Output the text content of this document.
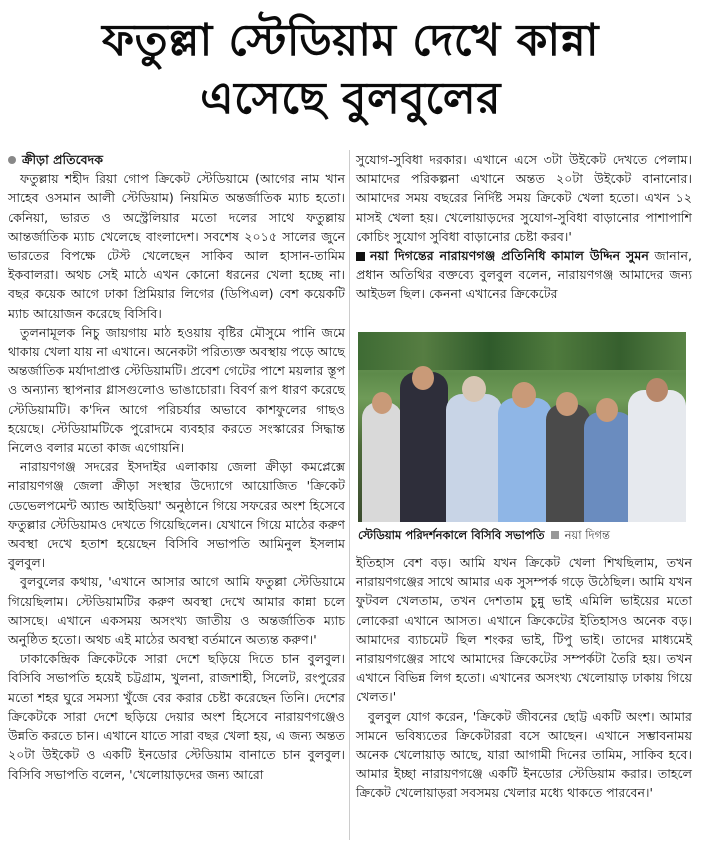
ফতুল্লা স্টেডিয়াম দেখে কান্না
এসেছে বুলবুলের
ক্রীড়া প্রতিবেদক

ফতুল্লায় শহীদ রিয়া গোপ ক্রিকেট স্টেডিয়ামে (আগের নাম খান সাহেব ওসমান আলী স্টেডিয়াম) নিয়মিত অন্তর্জাতিক ম্যাচ হতো। কেনিয়া, ভারত ও অস্ট্রেলিয়ার মতো দলের সাথে ফতুল্লায় আন্তর্জাতিক ম্যাচ খেলেছে বাংলাদেশ। সবশেষ ২০১৫ সালের জুনে ভারতের বিপক্ষে টেস্ট খেলেছেন সাকিব আল হাসান-তামিম ইকবালরা। অথচ সেই মাঠে এখন কোনো ধরনের খেলা হচ্ছে না। বছর কয়েক আগে ঢাকা প্রিমিয়ার লিগের (ডিপিএল) বেশ কয়েকটি ম্যাচ আয়োজন করেছে বিসিবি।

তুলনামূলক নিচু জায়গায় মাঠ হওয়ায় বৃষ্টির মৌসুমে পানি জমে থাকায় খেলা যায় না এখানে। অনেকটা পরিত্যক্ত অবস্থায় পড়ে আছে অন্তর্জাতিক মর্যাদাপ্রাপ্ত স্টেডিয়ামটি। প্রবেশ গেটের পাশে ময়লার স্তূপ ও অন্যান্য স্থাপনার গ্লাসগুলোও ভাঙাচোরা। বিবর্ণ রূপ ধারণ করেছে স্টেডিয়ামটি। ক'দিন আগে পরিচর্যার অভাবে কাশফুলের গাছও হয়েছে। স্টেডিয়ামটিকে পুরোদমে ব্যবহার করতে সংস্কারের সিদ্ধান্ত নিলেও বলার মতো কাজ এগোয়নি।

নারায়ণগঞ্জ সদরের ইসদাইর এলাকায় জেলা ক্রীড়া কমপ্লেক্সে নারায়ণগঞ্জ জেলা ক্রীড়া সংস্থার উদ্যোগে আয়োজিত 'ক্রিকেট ডেভেলপমেন্ট অ্যান্ড আইডিয়া' অনুষ্ঠানে গিয়ে সফরের অংশ হিসেবে ফতুল্লার স্টেডিয়ামও দেখতে গিয়েছিলেন। যেখানে গিয়ে মাঠের করুণ অবস্থা দেখে হতাশ হয়েছেন বিসিবি সভাপতি আমিনুল ইসলাম বুলবুল।

বুলবুলের কথায়, 'এখানে আসার আগে আমি ফতুল্লা স্টেডিয়ামে গিয়েছিলাম। স্টেডিয়ামটির করুণ অবস্থা দেখে আমার কান্না চলে আসছে। এখানে একসময় অসংখ্য জাতীয় ও অন্তর্জাতিক ম্যাচ অনুষ্ঠিত হতো। অথচ এই মাঠের অবস্থা বর্তমানে অত্যন্ত করুণ।'

ঢাকাকেন্দ্রিক ক্রিকেটকে সারা দেশে ছড়িয়ে দিতে চান বুলবুল। বিসিবি সভাপতি হয়েই চট্টগ্রাম, খুলনা, রাজশাহী, সিলেট, রংপুরের মতো শহর ঘুরে সমস্যা খুঁজে বের করার চেষ্টা করেছেন তিনি। দেশের ক্রিকেটকে সারা দেশে ছড়িয়ে দেয়ার অংশ হিসেবে নারায়ণগঞ্জেও উন্নতি করতে চান। এখানে যাতে সারা বছর খেলা হয়, এ জন্য অন্তত ২০টা উইকেট ও একটি ইনডোর স্টেডিয়াম বানাতে চান বুলবুল। বিসিবি সভাপতি বলেন, 'খেলোয়াড়দের জন্য আরো

সুযোগ-সুবিধা দরকার। এখানে এসে ৩টা উইকেট দেখতে পেলাম। আমাদের পরিকল্পনা এখানে অন্তত ২০টা উইকেট বানানোর। আমাদের সময় বছরের নির্দিষ্ট সময় ক্রিকেট খেলা হতো। এখন ১২ মাসই খেলা হয়। খেলোয়াড়দের সুযোগ-সুবিধা বাড়ানোর পাশাপাশি কোচিং সুযোগ সুবিধা বাড়ানোর চেষ্টা করব।'

নয়া দিগন্তের নারায়ণগঞ্জ প্রতিনিধি কামাল উদ্দিন সুমন জানান, প্রধান অতিথির বক্তব্যে বুলবুল বলেন, নারায়ণগঞ্জ আমাদের জন্য আইডল ছিল। কেননা এখানের ক্রিকেটের

স্টেডিয়াম পরিদর্শনকালে বিসিবি সভাপতি নয়া দিগন্ত

ইতিহাস বেশ বড়। আমি যখন ক্রিকেট খেলা শিখছিলাম, তখন নারায়ণগঞ্জের সাথে আমার এক সুসম্পর্ক গড়ে উঠেছিল। আমি যখন ফুটবল খেলতাম, তখন দেশতাম চুন্নু ভাই এমিলি ভাইয়ের মতো লোকেরা এখানে আসত। এখানে ক্রিকেটের ইতিহাসও অনেক বড়। আমাদের ব্যাচমেট ছিল শংকর ভাই, টিপু ভাই। তাদের মাধ্যমেই নারায়ণগঞ্জের সাথে আমাদের ক্রিকেটের সম্পর্কটা তৈরি হয়। তখন এখানে বিভিন্ন লিগ হতো। এখানের অসংখ্য খেলোয়াড় ঢাকায় গিয়ে খেলত।'

বুলবুল যোগ করেন, 'ক্রিকেট জীবনের ছোট্ট একটি অংশ। আমার সামনে ভবিষ্যতের ক্রিকেটাররা বসে আছেন। এখানে সম্ভাবনাময় অনেক খেলোয়াড় আছে, যারা আগামী দিনের তামিম, সাকিব হবে। আমার ইচ্ছা নারায়ণগঞ্জে একটি ইনডোর স্টেডিয়াম করার। তাহলে ক্রিকেট খেলোয়াড়রা সবসময় খেলার মধ্যে থাকতে পারবেন।'
